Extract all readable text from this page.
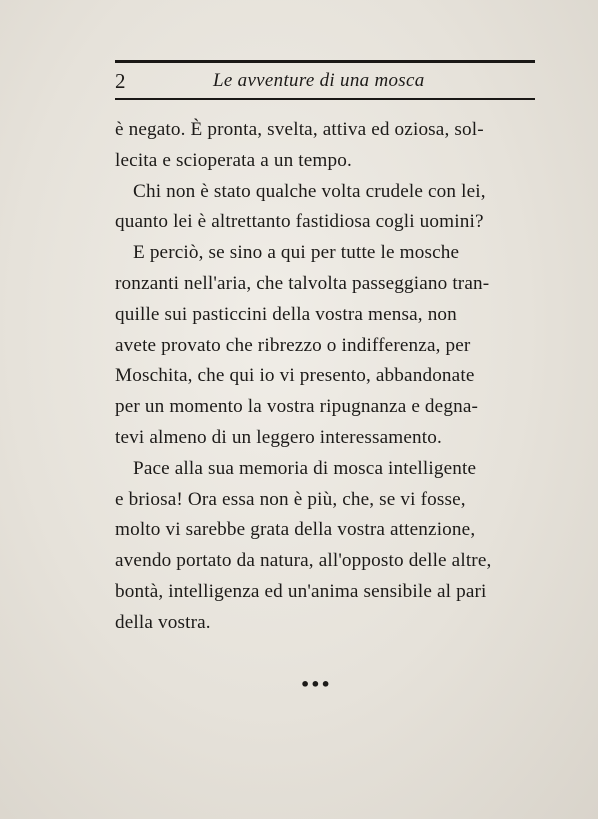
2	Le avventure di una mosca
è negato. È pronta, svelta, attiva ed oziosa, sol-
lecita e scioperata a un tempo.
Chi non è stato qualche volta crudele con lei,
quanto lei è altrettanto fastidiosa cogli uomini?
E perciò, se sino a qui per tutte le mosche
ronzanti nell'aria, che talvolta passeggiano tran-
quille sui pasticcini della vostra mensa, non
avete provato che ribrezzo o indifferenza, per
Moschita, che qui io vi presento, abbandonate
per un momento la vostra ripugnanza e degna-
tevi almeno di un leggero interessamento.
Pace alla sua memoria di mosca intelligente
e briosa! Ora essa non è più, che, se vi fosse,
molto vi sarebbe grata della vostra attenzione,
avendo portato da natura, all'opposto delle altre,
bontà, intelligenza ed un'anima sensibile al pari
della vostra.
•••
